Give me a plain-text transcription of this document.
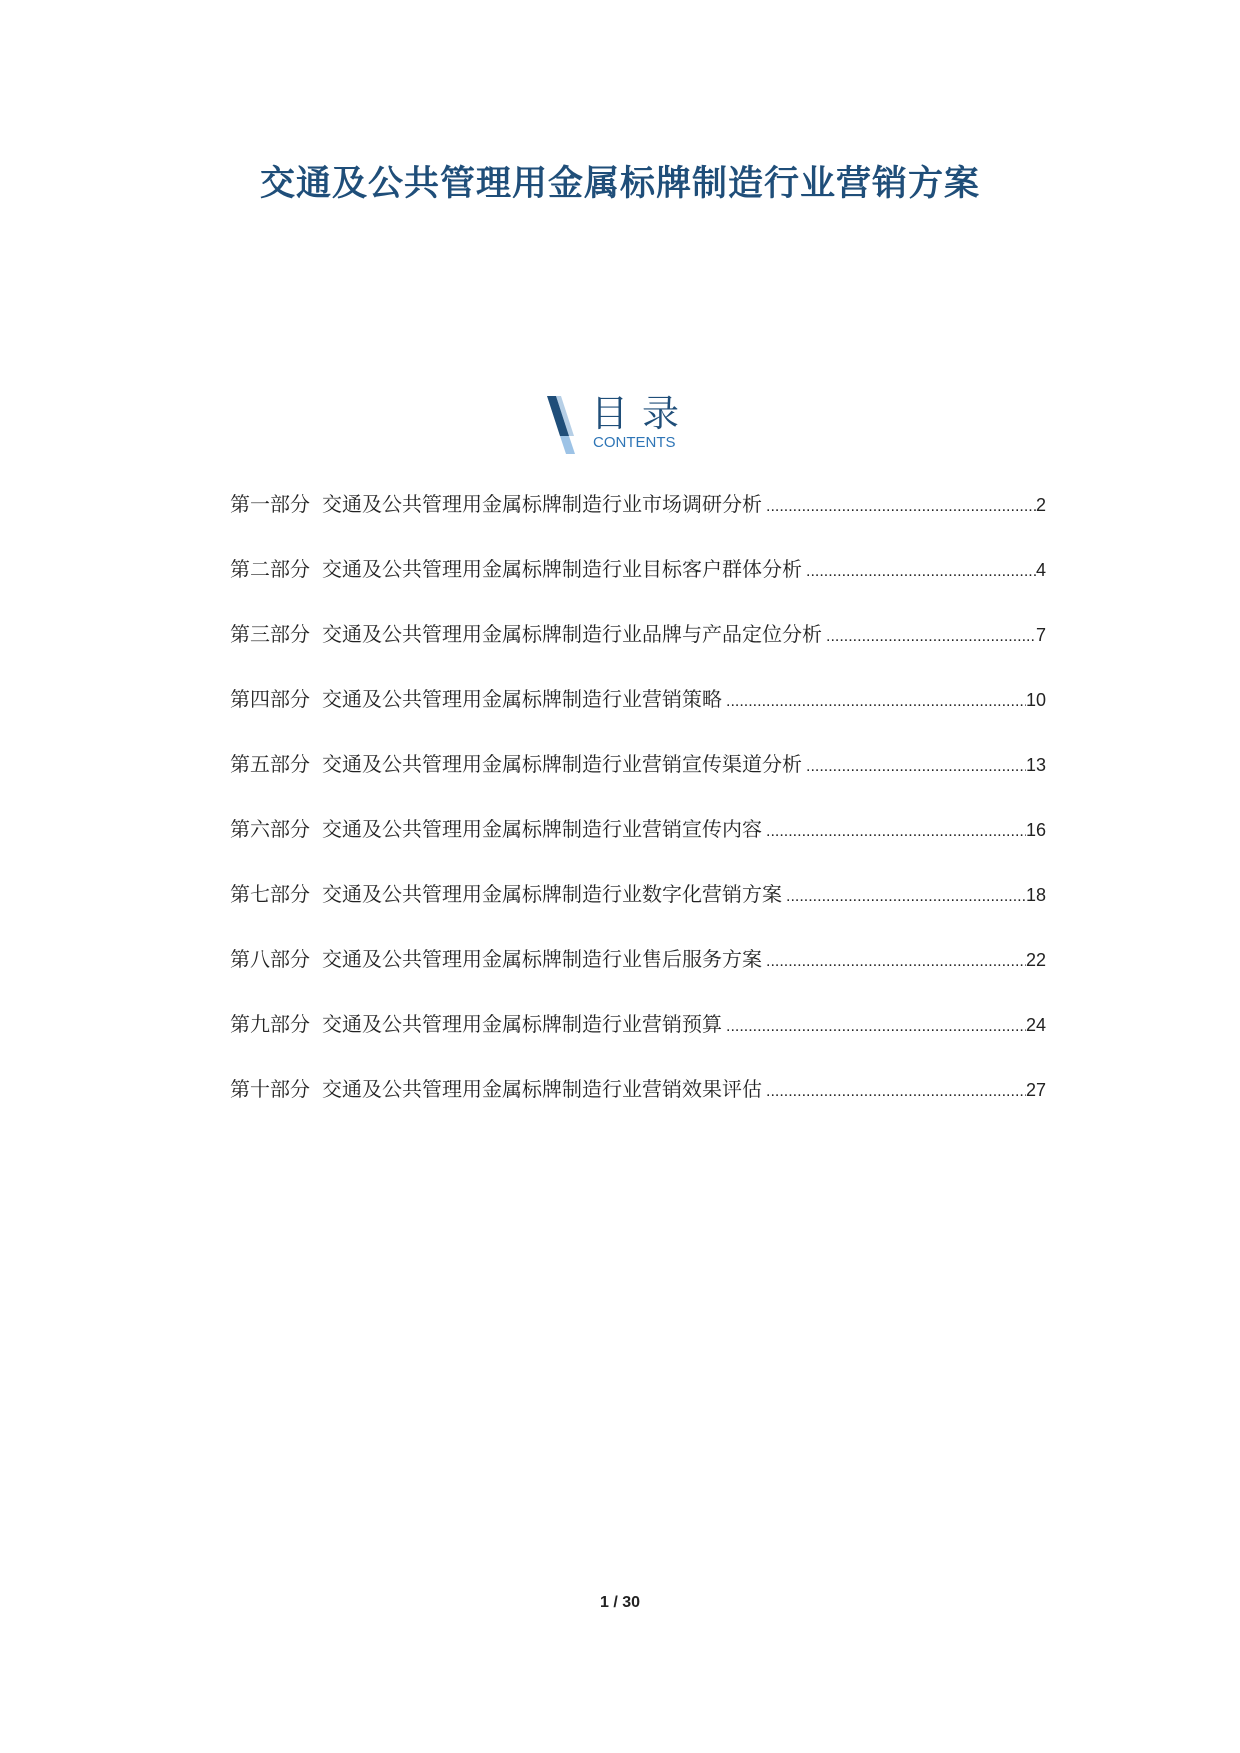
交通及公共管理用金属标牌制造行业营销方案
目录
CONTENTS
第一部分 交通及公共管理用金属标牌制造行业市场调研分析 .....	2
第二部分 交通及公共管理用金属标牌制造行业目标客户群体分析 .....	4
第三部分 交通及公共管理用金属标牌制造行业品牌与产品定位分析 .....	7
第四部分 交通及公共管理用金属标牌制造行业营销策略 .....	10
第五部分 交通及公共管理用金属标牌制造行业营销宣传渠道分析 .....	13
第六部分 交通及公共管理用金属标牌制造行业营销宣传内容 .....	16
第七部分 交通及公共管理用金属标牌制造行业数字化营销方案 .....	18
第八部分 交通及公共管理用金属标牌制造行业售后服务方案 .....	22
第九部分 交通及公共管理用金属标牌制造行业营销预算 .....	24
第十部分 交通及公共管理用金属标牌制造行业营销效果评估 .....	27
1 / 30
